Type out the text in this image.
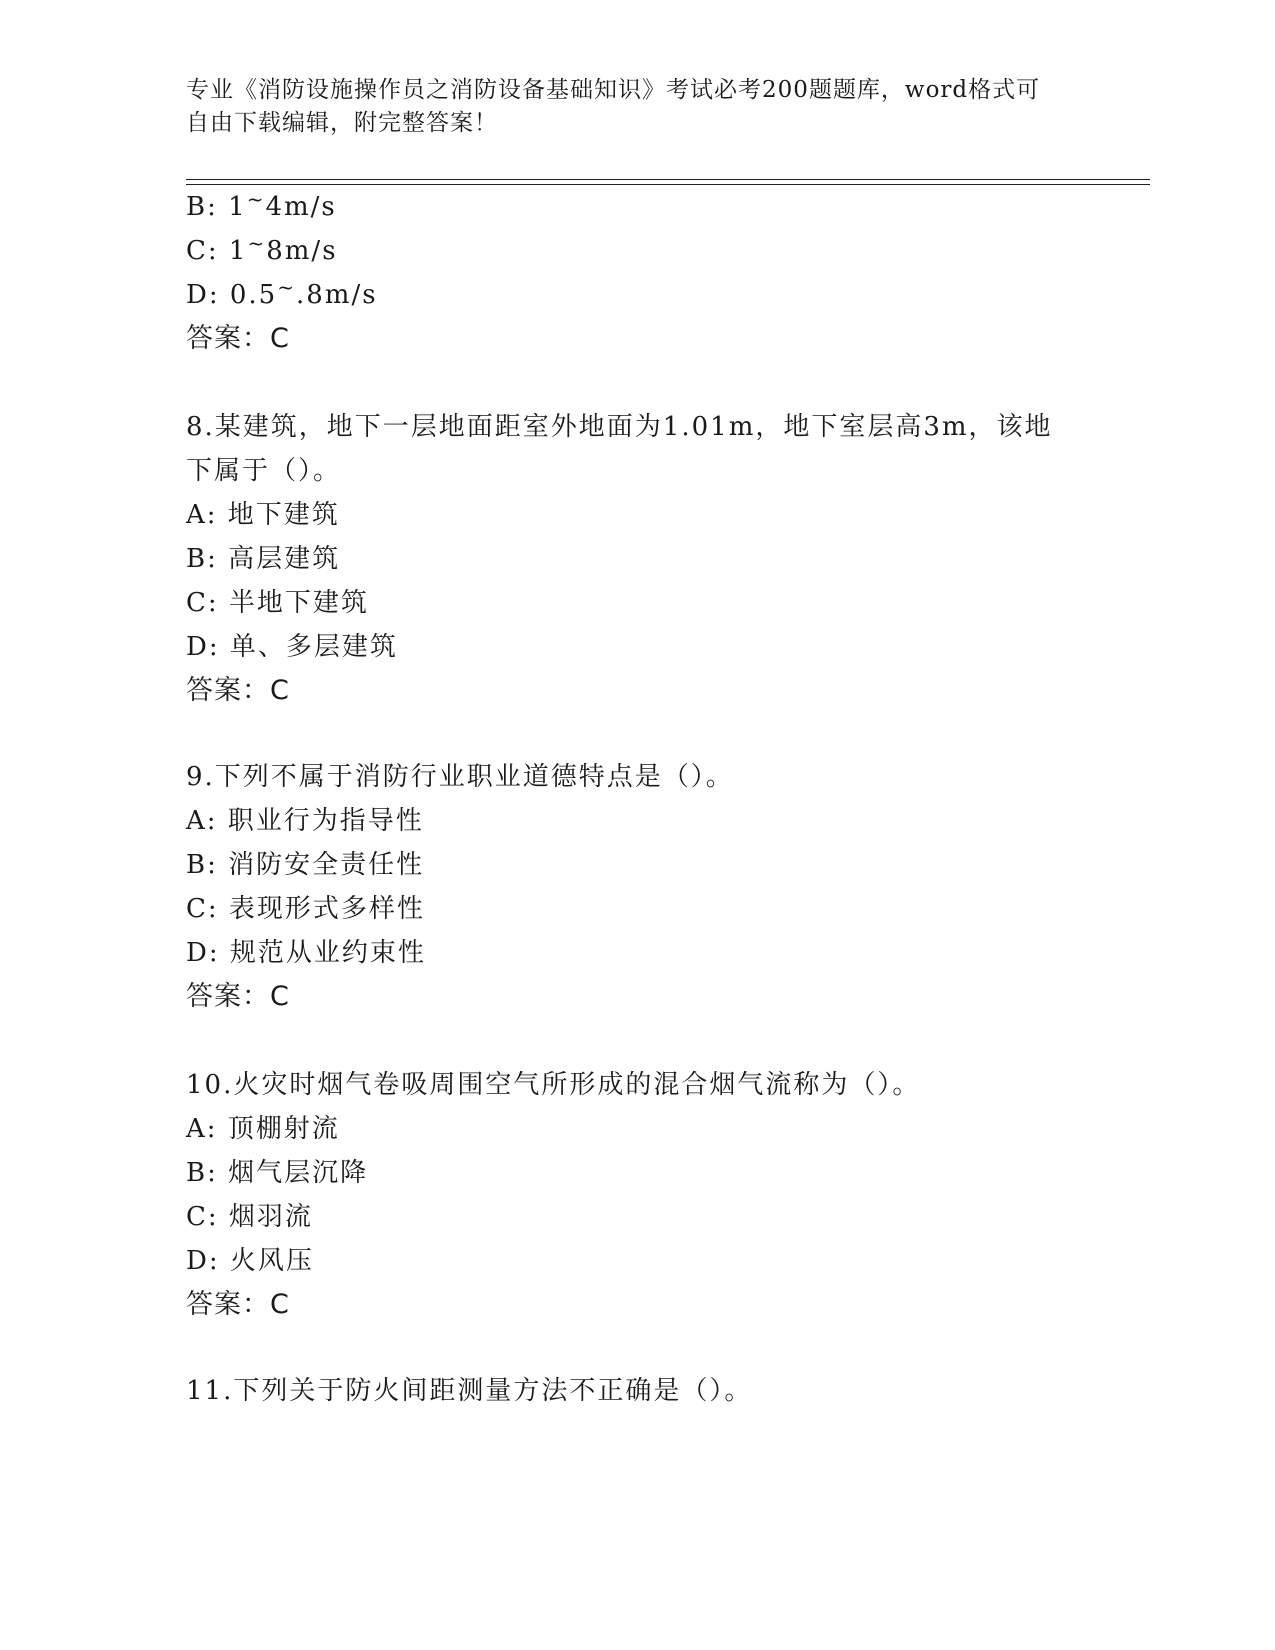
专业《消防设施操作员之消防设备基础知识》考试必考200题题库，word格式可
自由下载编辑，附完整答案！
B: 1~4m/s
C: 1~8m/s
D: 0.5~.8m/s
答案：C
8.某建筑，地下一层地面距室外地面为1.01m，地下室层高3m，该地
下属于（）。
A: 地下建筑
B: 高层建筑
C: 半地下建筑
D: 单、多层建筑
答案：C
9.下列不属于消防行业职业道德特点是（）。
A: 职业行为指导性
B: 消防安全责任性
C: 表现形式多样性
D: 规范从业约束性
答案：C
10.火灾时烟气卷吸周围空气所形成的混合烟气流称为（）。
A: 顶棚射流
B: 烟气层沉降
C: 烟羽流
D: 火风压
答案：C
11.下列关于防火间距测量方法不正确是（）。
